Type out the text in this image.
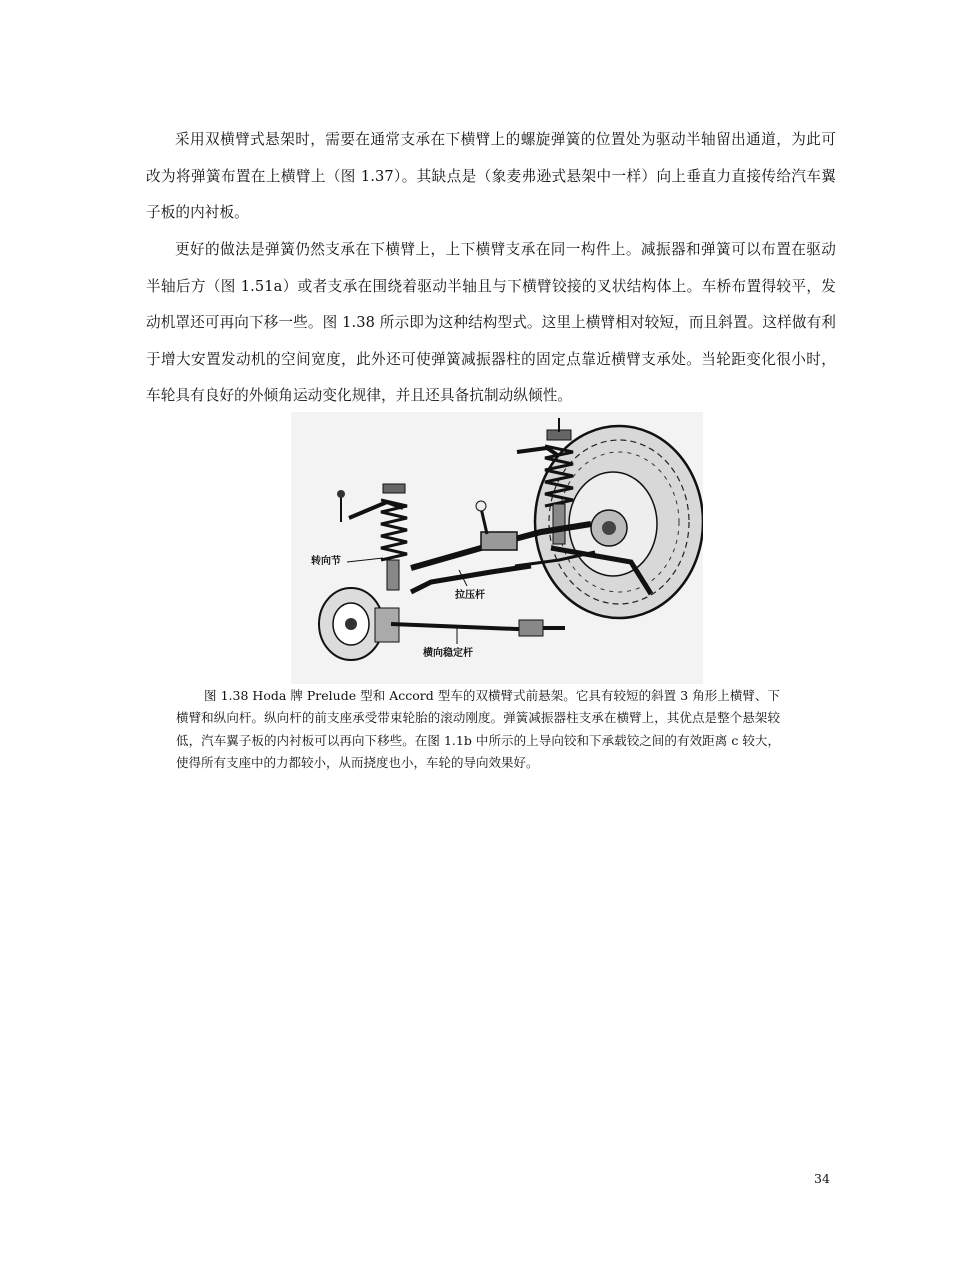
采用双横臂式悬架时，需要在通常支承在下横臂上的螺旋弹簧的位置处为驱动半轴留出通道，为此可改为将弹簧布置在上横臂上（图 1.37）。其缺点是（象麦弗逊式悬架中一样）向上垂直力直接传给汽车翼子板的内衬板。

更好的做法是弹簧仍然支承在下横臂上，上下横臂支承在同一构件上。减振器和弹簧可以布置在驱动半轴后方（图 1.51a）或者支承在围绕着驱动半轴且与下横臂铰接的叉状结构体上。车桥布置得较平，发动机罩还可再向下移一些。图 1.38 所示即为这种结构型式。这里上横臂相对较短，而且斜置。这样做有利于增大安置发动机的空间宽度，此外还可使弹簧减振器柱的固定点靠近横臂支承处。当轮距变化很小时，车轮具有良好的外倾角运动变化规律，并且还具备抗制动纵倾性。

转向节
拉压杆
横向稳定杆

图 1.38 Hoda 牌 Prelude 型和 Accord 型车的双横臂式前悬架。它具有较短的斜置 3 角形上横臂、下横臂和纵向杆。纵向杆的前支座承受带束轮胎的滚动刚度。弹簧减振器柱支承在横臂上，其优点是整个悬架较低，汽车翼子板的内衬板可以再向下移些。在图 1.1b 中所示的上导向铰和下承载铰之间的有效距离 c 较大，使得所有支座中的力都较小，从而挠度也小，车轮的导向效果好。

34
